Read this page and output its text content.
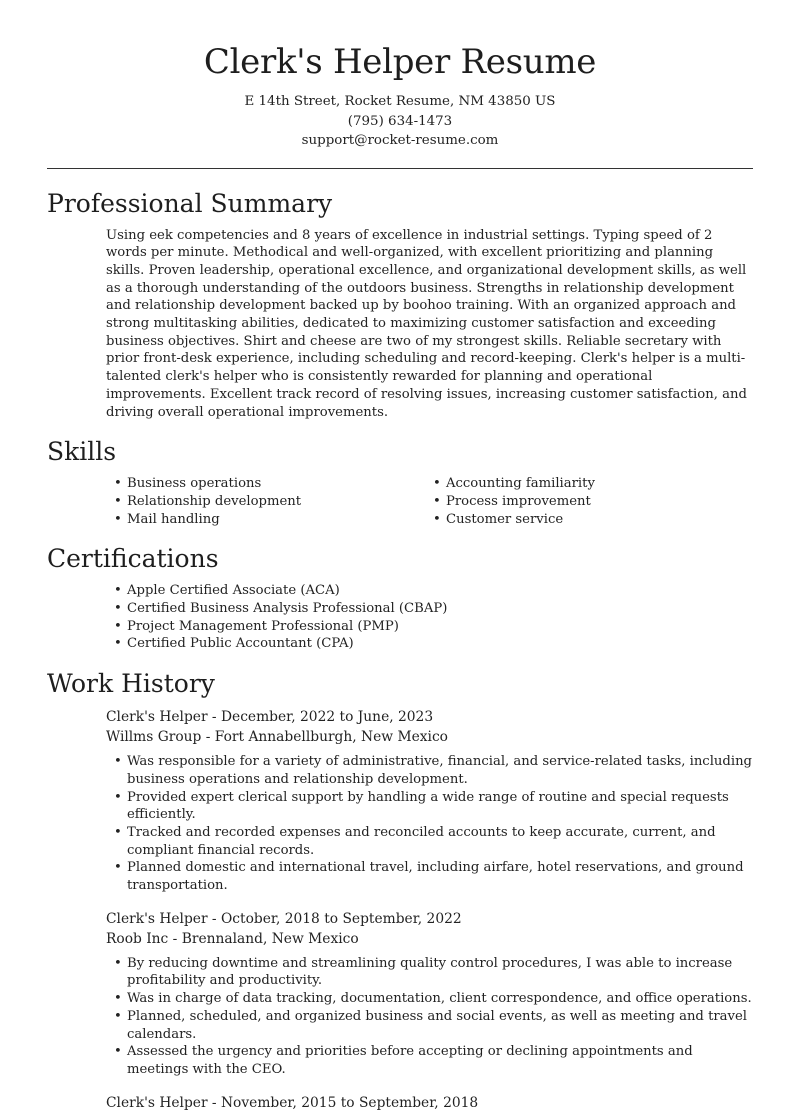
Clerk's Helper Resume
E 14th Street, Rocket Resume, NM 43850 US
(795) 634-1473
support@rocket-resume.com
Professional Summary
Using eek competencies and 8 years of excellence in industrial settings. Typing speed of 2 words per minute. Methodical and well-organized, with excellent prioritizing and planning skills. Proven leadership, operational excellence, and organizational development skills, as well as a thorough understanding of the outdoors business. Strengths in relationship development and relationship development backed up by boohoo training. With an organized approach and strong multitasking abilities, dedicated to maximizing customer satisfaction and exceeding business objectives. Shirt and cheese are two of my strongest skills. Reliable secretary with prior front-desk experience, including scheduling and record-keeping. Clerk's helper is a multi-talented clerk's helper who is consistently rewarded for planning and operational improvements. Excellent track record of resolving issues, increasing customer satisfaction, and driving overall operational improvements.
Skills
• Business operations
• Relationship development
• Mail handling
• Accounting familiarity
• Process improvement
• Customer service
Certifications
• Apple Certified Associate (ACA)
• Certified Business Analysis Professional (CBAP)
• Project Management Professional (PMP)
• Certified Public Accountant (CPA)
Work History
Clerk's Helper - December, 2022 to June, 2023
Willms Group - Fort Annabellburgh, New Mexico
• Was responsible for a variety of administrative, financial, and service-related tasks, including business operations and relationship development.
• Provided expert clerical support by handling a wide range of routine and special requests efficiently.
• Tracked and recorded expenses and reconciled accounts to keep accurate, current, and compliant financial records.
• Planned domestic and international travel, including airfare, hotel reservations, and ground transportation.
Clerk's Helper - October, 2018 to September, 2022
Roob Inc - Brennaland, New Mexico
• By reducing downtime and streamlining quality control procedures, I was able to increase profitability and productivity.
• Was in charge of data tracking, documentation, client correspondence, and office operations.
• Planned, scheduled, and organized business and social events, as well as meeting and travel calendars.
• Assessed the urgency and priorities before accepting or declining appointments and meetings with the CEO.
Clerk's Helper - November, 2015 to September, 2018
